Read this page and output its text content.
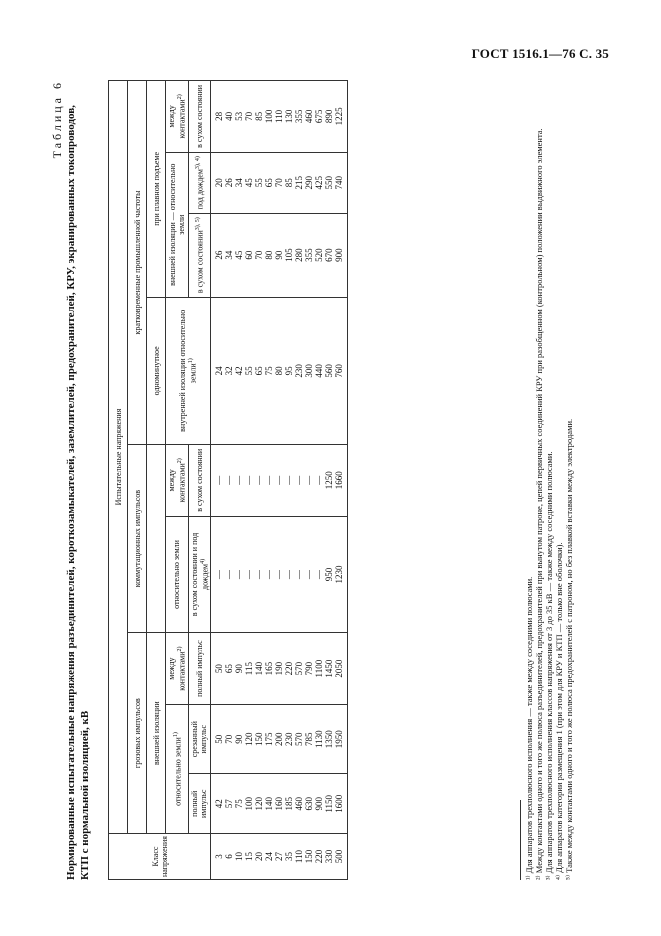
ГОСТ 1516.1—76 С. 35
Таблица 6 Нормированные испытательные напряжения разъединителей, короткозамыкателей, заземлителей, предохранителей, КРУ, экранированных токопроводов, КТП с нормальной изоляцией, кВ	Класс напряжения	Испытательные напряжения								
	грозовых импульсов			коммутационных импульсов		кратковременные промышленной частоты			
	внешней изоляции					одноминутное	при плавном подъеме		
	относительно земли$^{1)}$		между контактами$^{2)}$	относительно земли	между контактами$^{2)}$	внутренней изоляции относительно земли$^{1)}$	внешней изоляции — относительно земли		между контактами$^{2)}$
	полный импульс	срезанный импульс	полный импульс	в сухом состоянии и под дождем$^{4)}$	в сухом состоянии		в сухом состоянии$^{3), 5)}$	под дождем$^{3), 4)}$	в сухом состоянии
3	42	50	50	—	—	24	26	20	28
6	57	70	65	—	—	32	34	26	40
10	75	90	90	—	—	42	45	34	53
15	100	120	115	—	—	55	60	45	70
20	120	150	140	—	—	65	70	55	85
24	140	175	165	—	—	75	80	65	100
27	160	200	190	—	—	80	90	70	110
35	185	230	220	—	—	95	105	85	130
110	460	570	570	—	—	230	280	215	355
150	630	785	790	—	—	300	355	290	460
220	900	1130	1100	—	—	440	520	425	675
330	1150	1350	1450	950	1250	560	670	550	890
500	1600	1950	2050	1230	1660	760	900	740	1225

¹⁾ Для аппаратов трехполюсного исполнения — также между соседними полюсами. ²⁾ Между контактами одного и того же полюса разъединителей, предохранителей при вынутом патроне, цепей первичных соединений КРУ при разобщенном (контрольном) положении выдвижного элемента. ³⁾ Для аппаратов трехполюсного исполнения классов напряжения от 3 до 35 кВ — также между соседними полюсами. ⁴⁾ Для аппаратов категории размещения 1 (при этом для КРУ и КТП — только вне оболочки). ⁵⁾ Также между контактами одного и того же полюса предохранителей с патроном, но без плавкой вставки между электродами.
